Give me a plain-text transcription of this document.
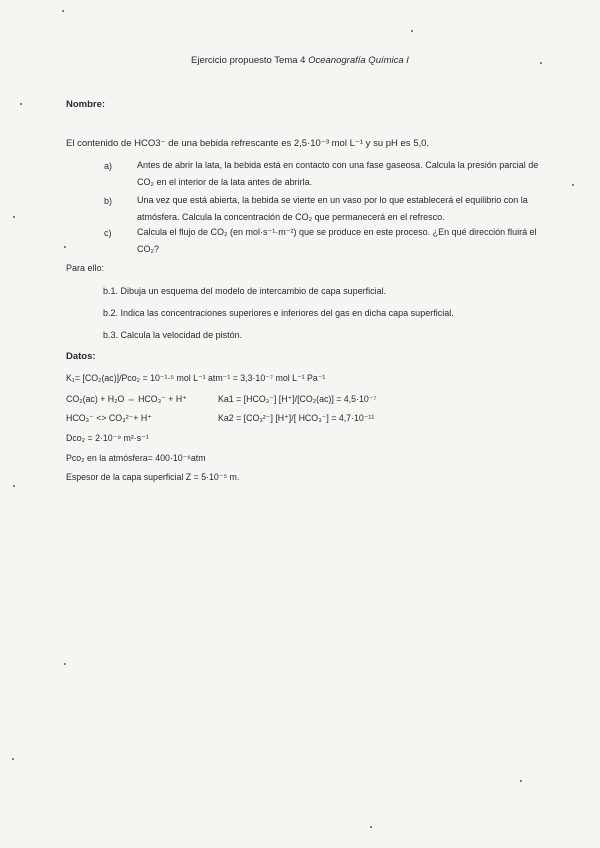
Ejercicio propuesto Tema 4 Oceanografía Química I
Nombre:
El contenido de HCO3⁻ de una bebida refrescante es 2,5·10⁻³ mol L⁻¹ y su pH es 5,0.
a)	Antes de abrir la lata, la bebida está en contacto con una fase gaseosa. Calcula la presión parcial de CO₂ en el interior de la lata antes de abrirla.
b)	Una vez que está abierta, la bebida se vierte en un vaso por lo que establecerá el equilibrio con la atmósfera. Calcula la concentración de CO₂ que permanecerá en el refresco.
c)	Calcula el flujo de CO₂ (en mol·s⁻¹·m⁻²) que se produce en este proceso. ¿En qué dirección fluirá el CO₂?
Para ello:
b.1. Dibuja un esquema del modelo de intercambio de capa superficial.
b.2. Indica las concentraciones superiores e inferiores del gas en dicha capa superficial.
b.3. Calcula la velocidad de pistón.
Datos:
K₁= [CO₂(ac)]/Pco₂ = 10⁻¹·⁵ mol L⁻¹ atm⁻¹ = 3,3·10⁻⁷ mol L⁻¹ Pa⁻¹
CO₂(ac) + H₂O ⇔ HCO₃⁻ + H⁺	Ka1 = [HCO₃⁻] [H⁺]/[CO₂(ac)] = 4,5·10⁻⁷
HCO₃⁻ <> CO₃²⁻+ H⁺	Ka2 = [CO₃²⁻] [H⁺]/[ HCO₃⁻] = 4,7·10⁻¹¹
Dco₂ = 2·10⁻⁹ m²·s⁻¹
Pco₂ en la atmósfera= 400·10⁻⁶atm
Espesor de la capa superficial Z = 5·10⁻⁵ m.
